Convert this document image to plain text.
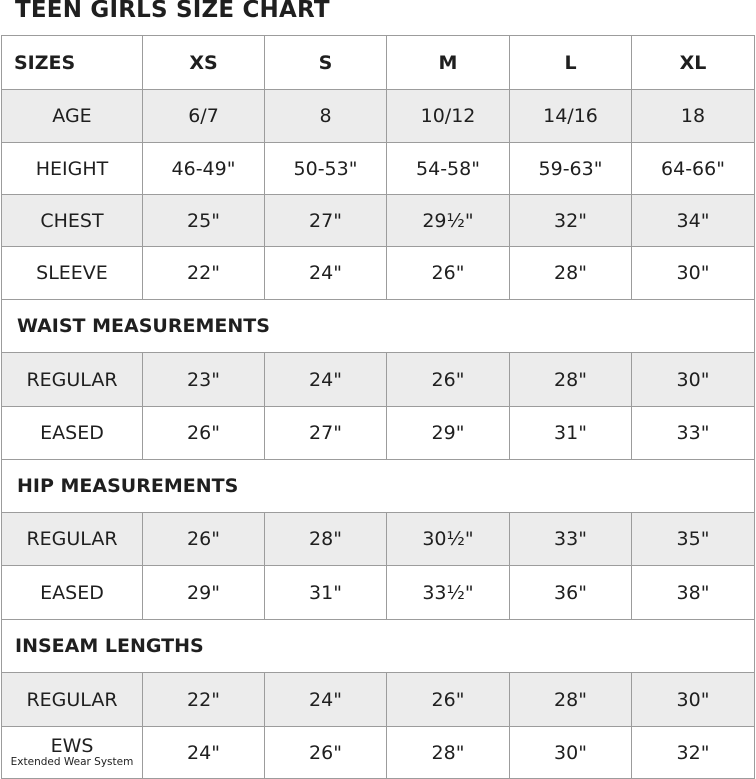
TEEN GIRLS SIZE CHART
SIZES	XS	S	M	L	XL
AGE	6/7	8	10/12	14/16	18
HEIGHT	46-49"	50-53"	54-58"	59-63"	64-66"
CHEST	25"	27"	29½"	32"	34"
SLEEVE	22"	24"	26"	28"	30"
WAIST MEASUREMENTS					
REGULAR	23"	24"	26"	28"	30"
EASED	26"	27"	29"	31"	33"
HIP MEASUREMENTS					
REGULAR	26"	28"	30½"	33"	35"
EASED	29"	31"	33½"	36"	38"
INSEAM LENGTHS					
REGULAR	22"	24"	26"	28"	30"

EWS
Extended Wear System	24"	26"	28"	30"	32"
